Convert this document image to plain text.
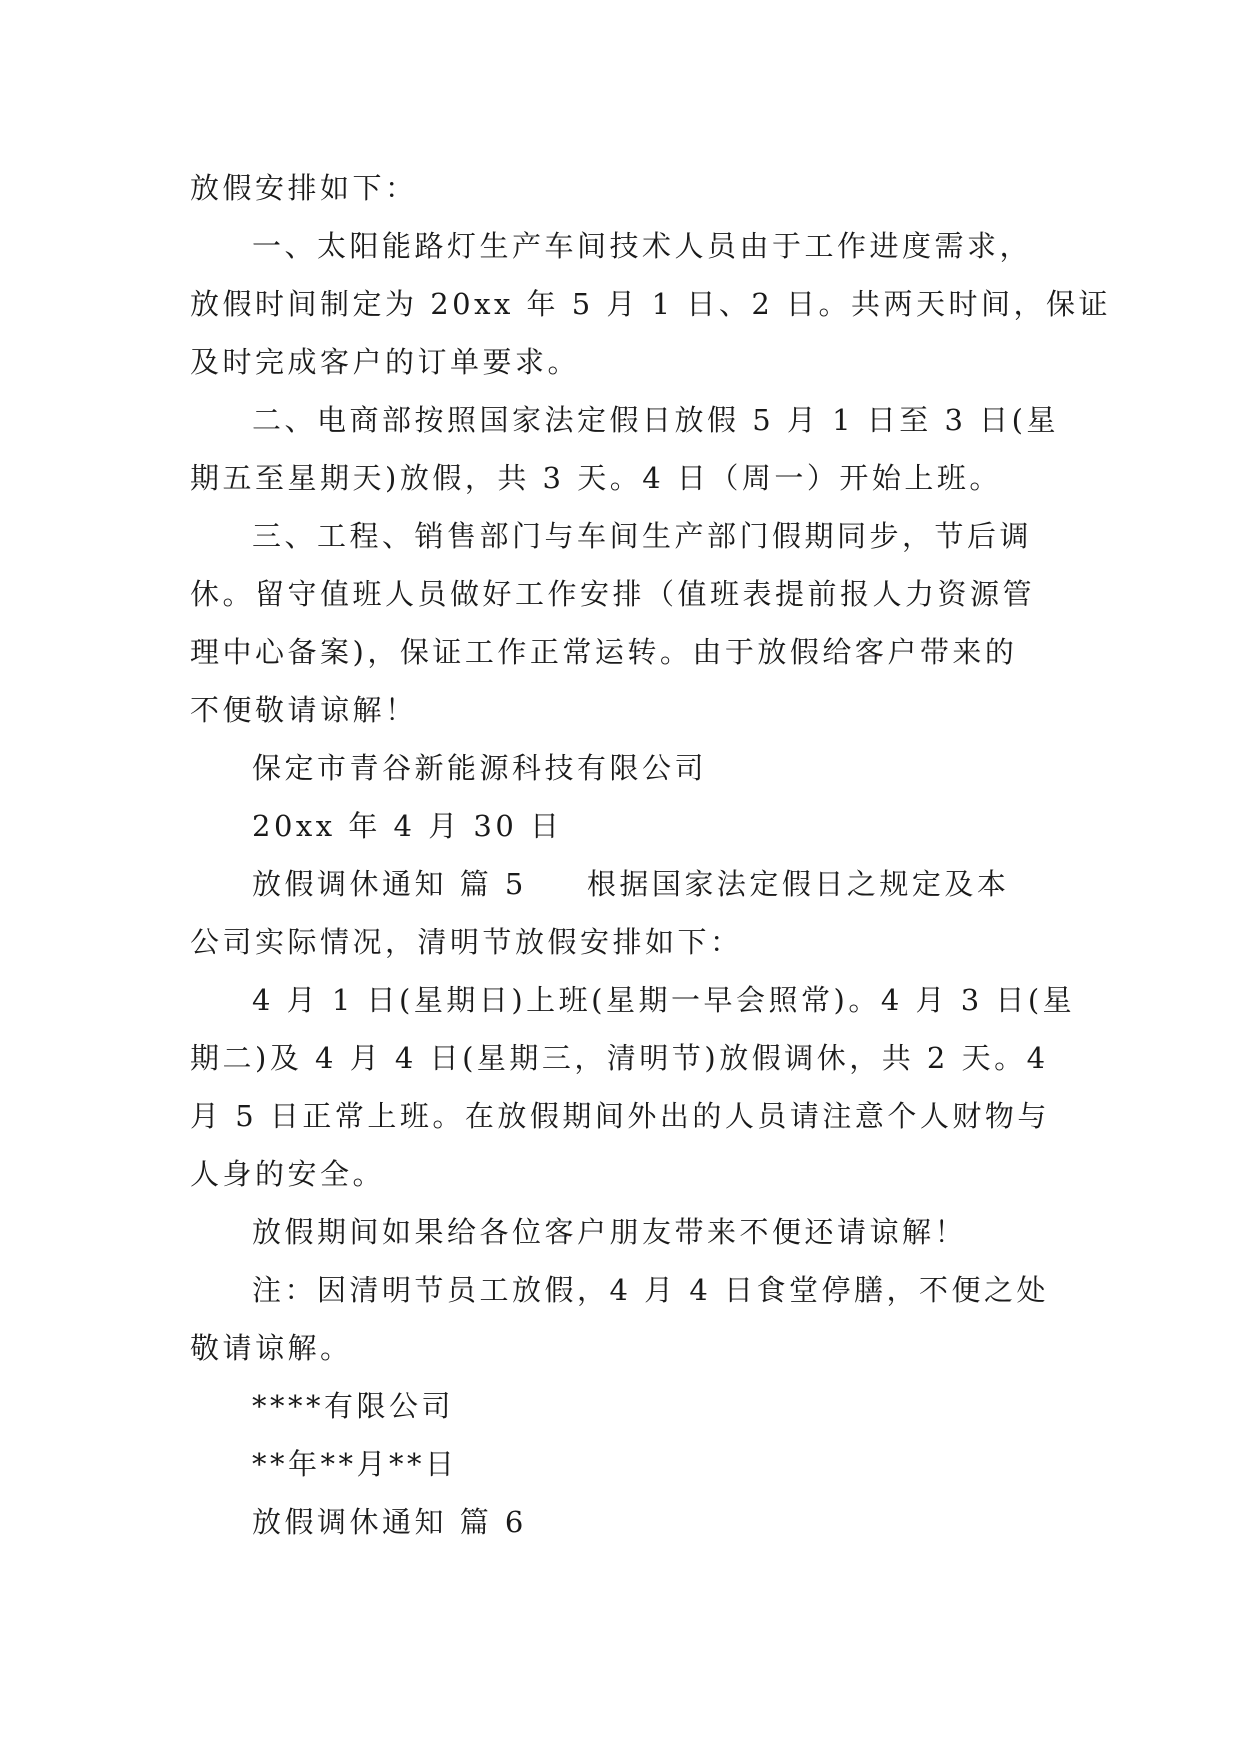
放假安排如下：
一、太阳能路灯生产车间技术人员由于工作进度需求，
放假时间制定为 20xx 年 5 月 1 日、2 日。共两天时间，保证
及时完成客户的订单要求。
二、电商部按照国家法定假日放假 5 月 1 日至 3 日(星
期五至星期天)放假，共 3 天。4 日（周一）开始上班。
三、工程、销售部门与车间生产部门假期同步，节后调
休。留守值班人员做好工作安排（值班表提前报人力资源管
理中心备案)，保证工作正常运转。由于放假给客户带来的
不便敬请谅解！
保定市青谷新能源科技有限公司
20xx 年 4 月 30 日
放假调休通知 篇 5 根据国家法定假日之规定及本
公司实际情况，清明节放假安排如下：
4 月 1 日(星期日)上班(星期一早会照常)。4 月 3 日(星
期二)及 4 月 4 日(星期三，清明节)放假调休，共 2 天。4
月 5 日正常上班。在放假期间外出的人员请注意个人财物与
人身的安全。
放假期间如果给各位客户朋友带来不便还请谅解！
注：因清明节员工放假，4 月 4 日食堂停膳，不便之处
敬请谅解。
****有限公司
**年**月**日
放假调休通知 篇 6
